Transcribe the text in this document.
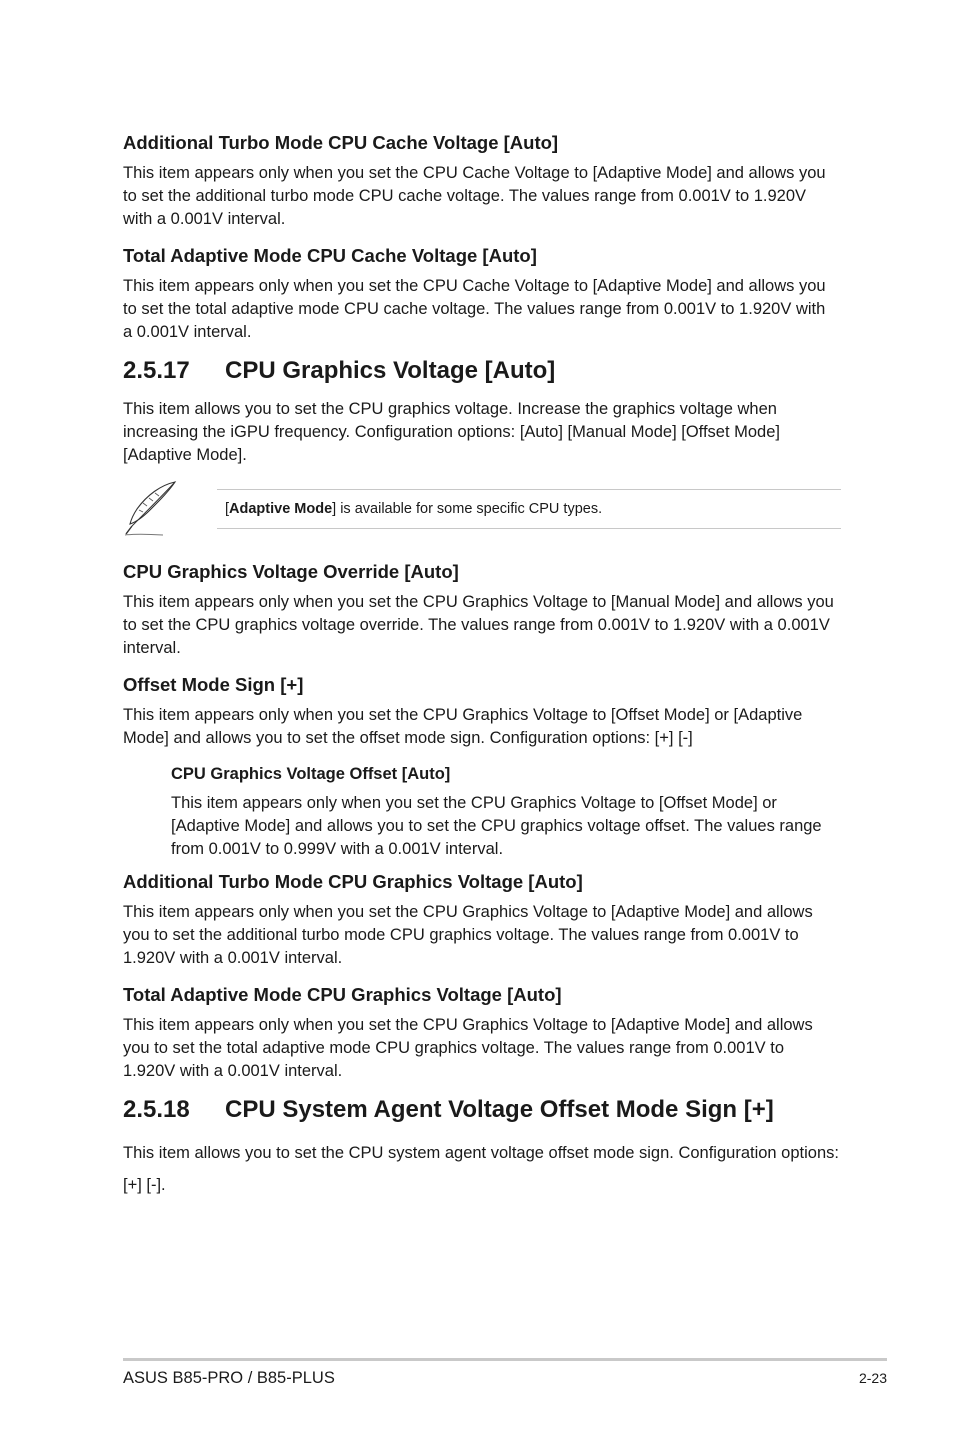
Additional Turbo Mode CPU Cache Voltage [Auto]
This item appears only when you set the CPU Cache Voltage to [Adaptive Mode] and allows you to set the additional turbo mode CPU cache voltage. The values range from 0.001V to 1.920V with a 0.001V interval.
Total Adaptive Mode CPU Cache Voltage [Auto]
This item appears only when you set the CPU Cache Voltage to [Adaptive Mode] and allows you to set the total adaptive mode CPU cache voltage. The values range from 0.001V to 1.920V with a 0.001V interval.
2.5.17 CPU Graphics Voltage [Auto]
This item allows you to set the CPU graphics voltage. Increase the graphics voltage when increasing the iGPU frequency. Configuration options: [Auto] [Manual Mode] [Offset Mode] [Adaptive Mode].
[Adaptive Mode] is available for some specific CPU types.
CPU Graphics Voltage Override [Auto]
This item appears only when you set the CPU Graphics Voltage to [Manual Mode] and allows you to set the CPU graphics voltage override. The values range from 0.001V to 1.920V with a 0.001V interval.
Offset Mode Sign [+]
This item appears only when you set the CPU Graphics Voltage to [Offset Mode] or [Adaptive Mode] and allows you to set the offset mode sign. Configuration options: [+] [-]
CPU Graphics Voltage Offset [Auto]
This item appears only when you set the CPU Graphics Voltage to [Offset Mode] or [Adaptive Mode] and allows you to set the CPU graphics voltage offset. The values range from 0.001V to 0.999V with a 0.001V interval.
Additional Turbo Mode CPU Graphics Voltage [Auto]
This item appears only when you set the CPU Graphics Voltage to [Adaptive Mode] and allows you to set the additional turbo mode CPU graphics voltage. The values range from 0.001V to 1.920V with a 0.001V interval.
Total Adaptive Mode CPU Graphics Voltage [Auto]
This item appears only when you set the CPU Graphics Voltage to [Adaptive Mode] and allows you to set the total adaptive mode CPU graphics voltage. The values range from 0.001V to 1.920V with a 0.001V interval.
2.5.18 CPU System Agent Voltage Offset Mode Sign [+]
This item allows you to set the CPU system agent voltage offset mode sign. Configuration options: [+] [-].
ASUS B85-PRO / B85-PLUS	2-23
